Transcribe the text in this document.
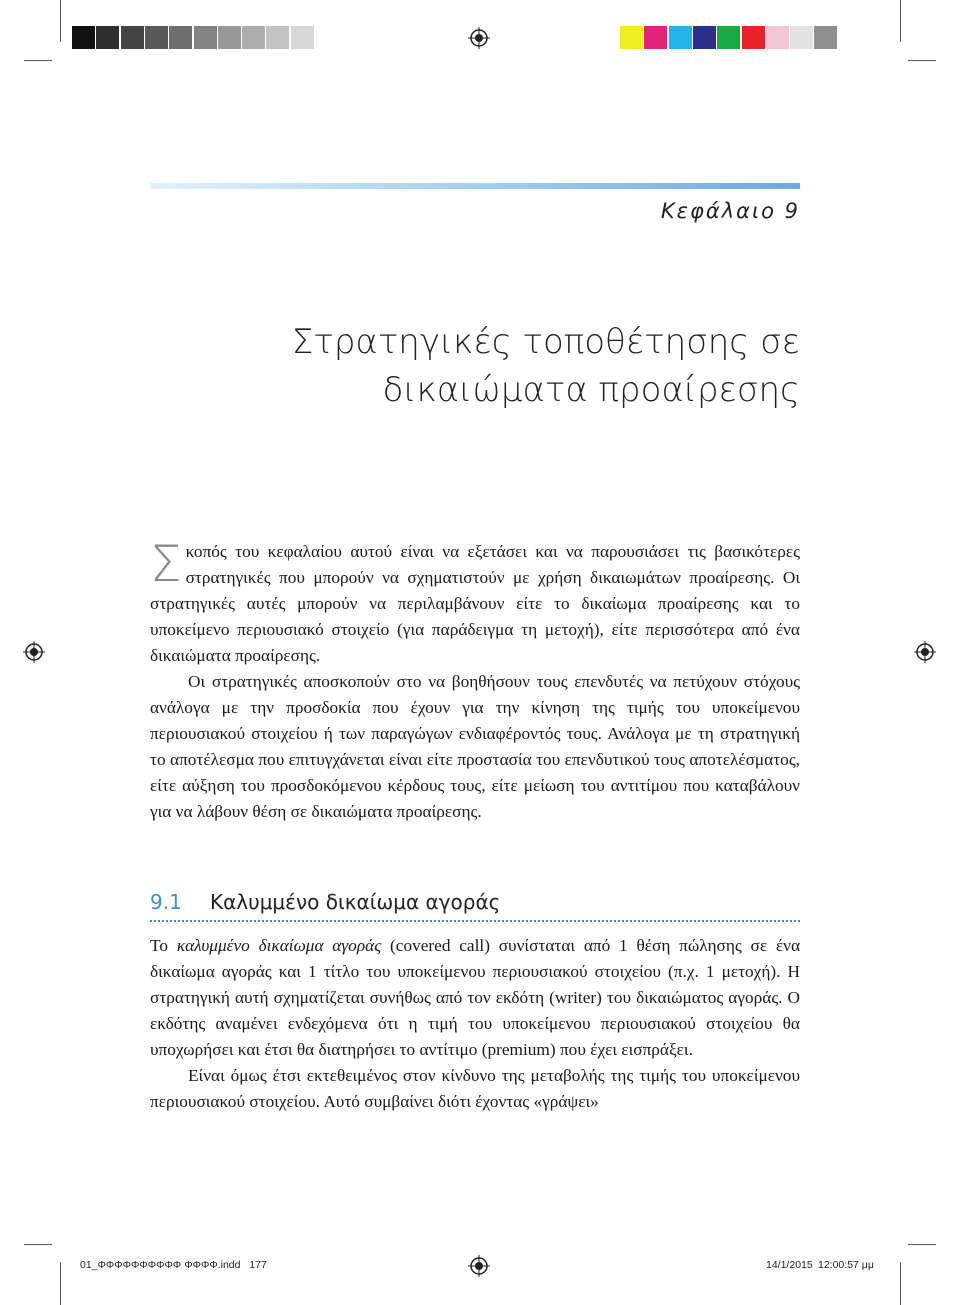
Κεφάλαιο 9
Στρατηγικές τοποθέτησης σε
δικαιώματα προαίρεσης

Σκοπός του κεφαλαίου αυτού είναι να εξετάσει και να παρουσιάσει τις βασικότερες στρατηγικές που μπορούν να σχηματιστούν με χρήση δικαιωμάτων προαίρεσης. Οι στρατηγικές αυτές μπορούν να περιλαμβάνουν είτε το δικαίωμα προαίρεσης και το υποκείμενο περιουσιακό στοιχείο (για παράδειγμα τη μετοχή), είτε περισσότερα από ένα δικαιώματα προαίρεσης.

Οι στρατηγικές αποσκοπούν στο να βοηθήσουν τους επενδυτές να πετύχουν στόχους ανάλογα με την προσδοκία που έχουν για την κίνηση της τιμής του υποκείμενου περιουσιακού στοιχείου ή των παραγώγων ενδιαφέροντός τους. Ανάλογα με τη στρατηγική το αποτέλεσμα που επιτυγχάνεται είναι είτε προστασία του επενδυτικού τους αποτελέσματος, είτε αύξηση του προσδοκόμενου κέρδους τους, είτε μείωση του αντιτίμου που καταβάλουν για να λάβουν θέση σε δικαιώματα προαίρεσης.

9.1 Καλυμμένο δικαίωμα αγοράς

Το καλυμμένο δικαίωμα αγοράς (covered call) συνίσταται από 1 θέση πώλησης σε ένα δικαίωμα αγοράς και 1 τίτλο του υποκείμενου περιουσιακού στοιχείου (π.χ. 1 μετοχή). Η στρατηγική αυτή σχηματίζεται συνήθως από τον εκδότη (writer) του δικαιώματος αγοράς. Ο εκδότης αναμένει ενδεχόμενα ότι η τιμή του υποκείμενου περιουσιακού στοιχείου θα υποχωρήσει και έτσι θα διατηρήσει το αντίτιμο (premium) που έχει εισπράξει.

Είναι όμως έτσι εκτεθειμένος στον κίνδυνο της μεταβολής της τιμής του υποκείμενου περιουσιακού στοιχείου. Αυτό συμβαίνει διότι έχοντας «γράψει»

01_ΦΦΦΦΦΦΦΦΦΦ ΦΦΦΦ.indd 177	14/1/2015 12:00:57 μμ
